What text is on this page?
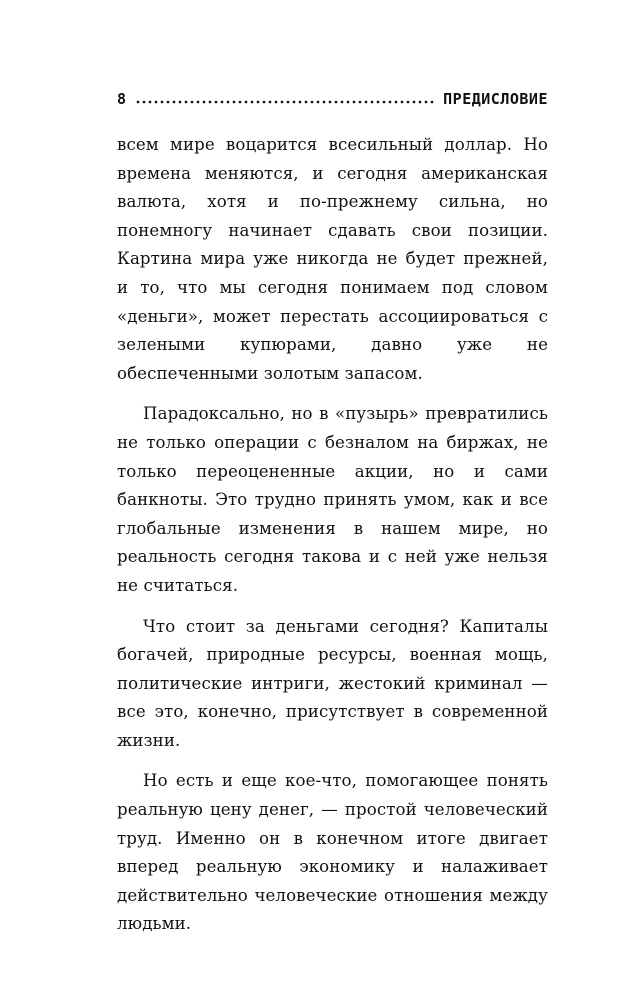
8	ПРЕДИСЛОВИЕ

всем мире воцарится всесильный доллар. Но времена меняются, и сегодня американская валюта, хотя и по-прежнему сильна, но понемногу начинает сдавать свои позиции. Картина мира уже никогда не будет прежней, и то, что мы сегодня понимаем под словом «деньги», может перестать ассоциироваться с зелеными купюрами, давно уже не обеспеченными золотым запасом.

Парадоксально, но в «пузырь» превратились не только операции с безналом на биржах, не только переоцененные акции, но и сами банкноты. Это трудно принять умом, как и все глобальные изменения в нашем мире, но реальность сегодня такова и с ней уже нельзя не считаться.

Что стоит за деньгами сегодня? Капиталы богачей, природные ресурсы, военная мощь, политические интриги, жестокий криминал — все это, конечно, присутствует в современной жизни.

Но есть и еще кое-что, помогающее понять реальную цену денег, — простой человеческий труд. Именно он в конечном итоге двигает вперед реальную экономику и налаживает действительно человеческие отношения между людьми.
